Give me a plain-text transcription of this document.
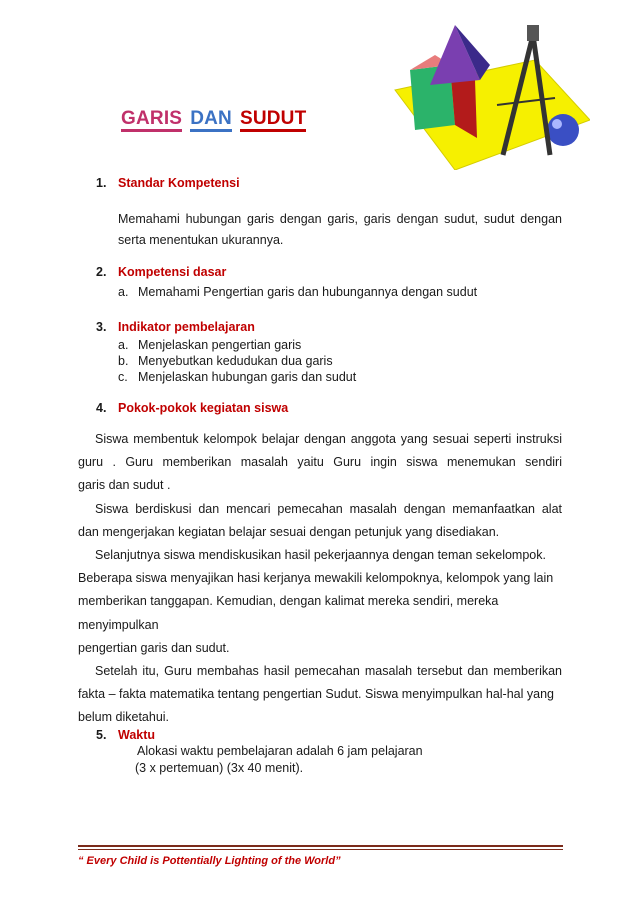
GARIS DAN SUDUT
1. Standar Kompetensi
Memahami hubungan garis dengan garis, garis dengan sudut, sudut dengan
serta menentukan ukurannya.
2. Kompetensi dasar
a. Memahami Pengertian garis dan hubungannya dengan sudut
3. Indikator pembelajaran
a. Menjelaskan pengertian garis
b. Menyebutkan kedudukan dua garis
c. Menjelaskan hubungan garis dan sudut
4. Pokok-pokok kegiatan siswa
Siswa membentuk kelompok belajar dengan anggota yang sesuai seperti instruksi
guru . Guru memberikan masalah yaitu Guru ingin siswa menemukan sendiri
garis dan sudut .
Siswa berdiskusi dan mencari pemecahan masalah dengan memanfaatkan alat
dan mengerjakan kegiatan belajar sesuai dengan petunjuk yang disediakan.
Selanjutnya siswa mendiskusikan hasil pekerjaannya dengan teman sekelompok.
Beberapa siswa menyajikan hasi kerjanya mewakili kelompoknya, kelompok yang lain
memberikan tanggapan. Kemudian, dengan kalimat mereka sendiri, mereka menyimpulkan
pengertian garis dan sudut.
Setelah itu, Guru membahas hasil pemecahan masalah tersebut dan memberikan
fakta – fakta matematika tentang pengertian Sudut. Siswa menyimpulkan hal-hal yang
belum diketahui.
5. Waktu
Alokasi waktu pembelajaran adalah 6 jam pelajaran
(3 x pertemuan) (3x 40 menit).
“ Every Child is Pottentially Lighting of the World”
